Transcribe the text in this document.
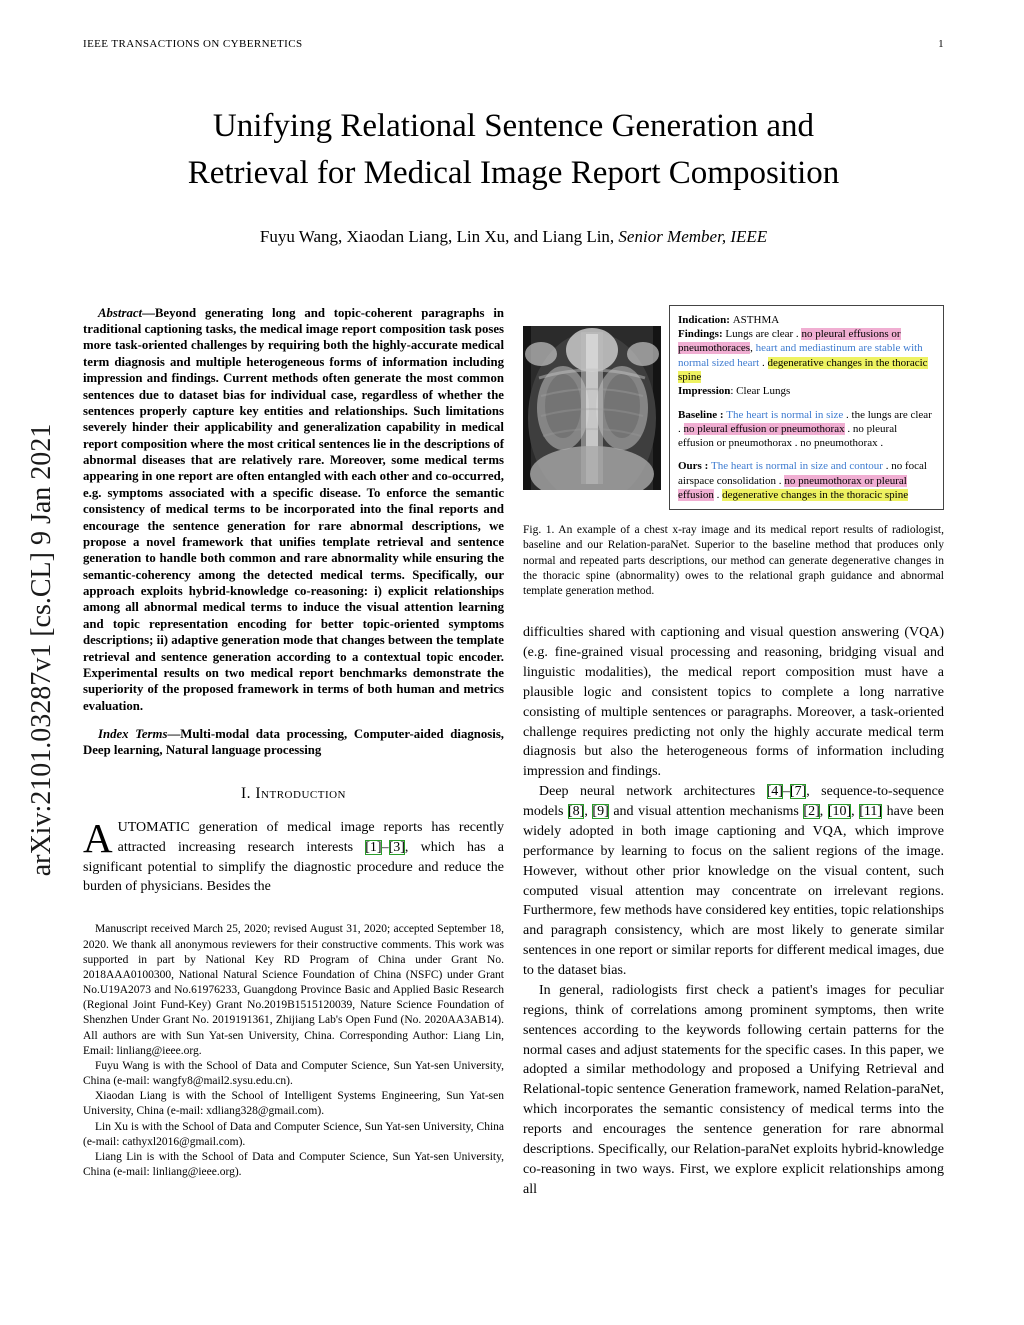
IEEE TRANSACTIONS ON CYBERNETICS	1
arXiv:2101.03287v1 [cs.CL] 9 Jan 2021
Unifying Relational Sentence Generation and Retrieval for Medical Image Report Composition
Fuyu Wang, Xiaodan Liang, Lin Xu, and Liang Lin, Senior Member, IEEE

Abstract—Beyond generating long and topic-coherent paragraphs in traditional captioning tasks, the medical image report composition task poses more task-oriented challenges by requiring both the highly-accurate medical term diagnosis and multiple heterogeneous forms of information including impression and findings. Current methods often generate the most common sentences due to dataset bias for individual case, regardless of whether the sentences properly capture key entities and relationships. Such limitations severely hinder their applicability and generalization capability in medical report composition where the most critical sentences lie in the descriptions of abnormal diseases that are relatively rare. Moreover, some medical terms appearing in one report are often entangled with each other and co-occurred, e.g. symptoms associated with a specific disease. To enforce the semantic consistency of medical terms to be incorporated into the final reports and encourage the sentence generation for rare abnormal descriptions, we propose a novel framework that unifies template retrieval and sentence generation to handle both common and rare abnormality while ensuring the semantic-coherency among the detected medical terms. Specifically, our approach exploits hybrid-knowledge co-reasoning: i) explicit relationships among all abnormal medical terms to induce the visual attention learning and topic representation encoding for better topic-oriented symptoms descriptions; ii) adaptive generation mode that changes between the template retrieval and sentence generation according to a contextual topic encoder. Experimental results on two medical report benchmarks demonstrate the superiority of the proposed framework in terms of both human and metrics evaluation.

Index Terms—Multi-modal data processing, Computer-aided diagnosis, Deep learning, Natural language processing

I. Introduction

AUTOMATIC generation of medical image reports has recently attracted increasing research interests [1]–[3], which has a significant potential to simplify the diagnostic procedure and reduce the burden of physicians. Besides the

Manuscript received March 25, 2020; revised August 31, 2020; accepted September 18, 2020. We thank all anonymous reviewers for their constructive comments. This work was supported in part by National Key RD Program of China under Grant No. 2018AAA0100300, National Natural Science Foundation of China (NSFC) under Grant No.U19A2073 and No.61976233, Guangdong Province Basic and Applied Basic Research (Regional Joint Fund-Key) Grant No.2019B1515120039, Nature Science Foundation of Shenzhen Under Grant No. 2019191361, Zhijiang Lab's Open Fund (No. 2020AA3AB14). All authors are with Sun Yat-sen University, China. Corresponding Author: Liang Lin, Email: linliang@ieee.org.

Fuyu Wang is with the School of Data and Computer Science, Sun Yat-sen University, China (e-mail: wangfy8@mail2.sysu.edu.cn).

Xiaodan Liang is with the School of Intelligent Systems Engineering, Sun Yat-sen University, China (e-mail: xdliang328@gmail.com).

Lin Xu is with the School of Data and Computer Science, Sun Yat-sen University, China (e-mail: cathyxl2016@gmail.com).

Liang Lin is with the School of Data and Computer Science, Sun Yat-sen University, China (e-mail: linliang@ieee.org).

Indication: ASTHMA

Findings: Lungs are clear . no pleural effusions or pneumothoraces, heart and mediastinum are stable with normal sized heart . degenerative changes in the thoracic spine

Impression: Clear Lungs

Baseline : The heart is normal in size . the lungs are clear . no pleural effusion or pneumothorax . no pleural effusion or pneumothorax . no pneumothorax .

Ours : The heart is normal in size and contour . no focal airspace consolidation . no pneumothorax or pleural effusion . degenerative changes in the thoracic spine

Fig. 1. An example of a chest x-ray image and its medical report results of radiologist, baseline and our Relation-paraNet. Superior to the baseline method that produces only normal and repeated parts descriptions, our method can generate degenerative changes in the thoracic spine (abnormality) owes to the relational graph guidance and abnormal template generation method.

difficulties shared with captioning and visual question answering (VQA) (e.g. fine-grained visual processing and reasoning, bridging visual and linguistic modalities), the medical report composition must have a plausible logic and consistent topics to complete a long narrative consisting of multiple sentences or paragraphs. Moreover, a task-oriented challenge requires predicting not only the highly accurate medical term diagnosis but also the heterogeneous forms of information including impression and findings.

Deep neural network architectures [4]–[7], sequence-to-sequence models [8], [9] and visual attention mechanisms [2], [10], [11] have been widely adopted in both image captioning and VQA, which improve performance by learning to focus on the salient regions of the image. However, without other prior knowledge on the visual content, such computed visual attention may concentrate on irrelevant regions. Furthermore, few methods have considered key entities, topic relationships and paragraph consistency, which are most likely to generate similar sentences in one report or similar reports for different medical images, due to the dataset bias.

In general, radiologists first check a patient's images for peculiar regions, think of correlations among prominent symptoms, then write sentences according to the keywords following certain patterns for the normal cases and adjust statements for the specific cases. In this paper, we adopted a similar methodology and proposed a Unifying Retrieval and Relational-topic sentence Generation framework, named Relation-paraNet, which incorporates the semantic consistency of medical terms into the reports and encourages the sentence generation for rare abnormal descriptions. Specifically, our Relation-paraNet exploits hybrid-knowledge co-reasoning in two ways. First, we explore explicit relationships among all
